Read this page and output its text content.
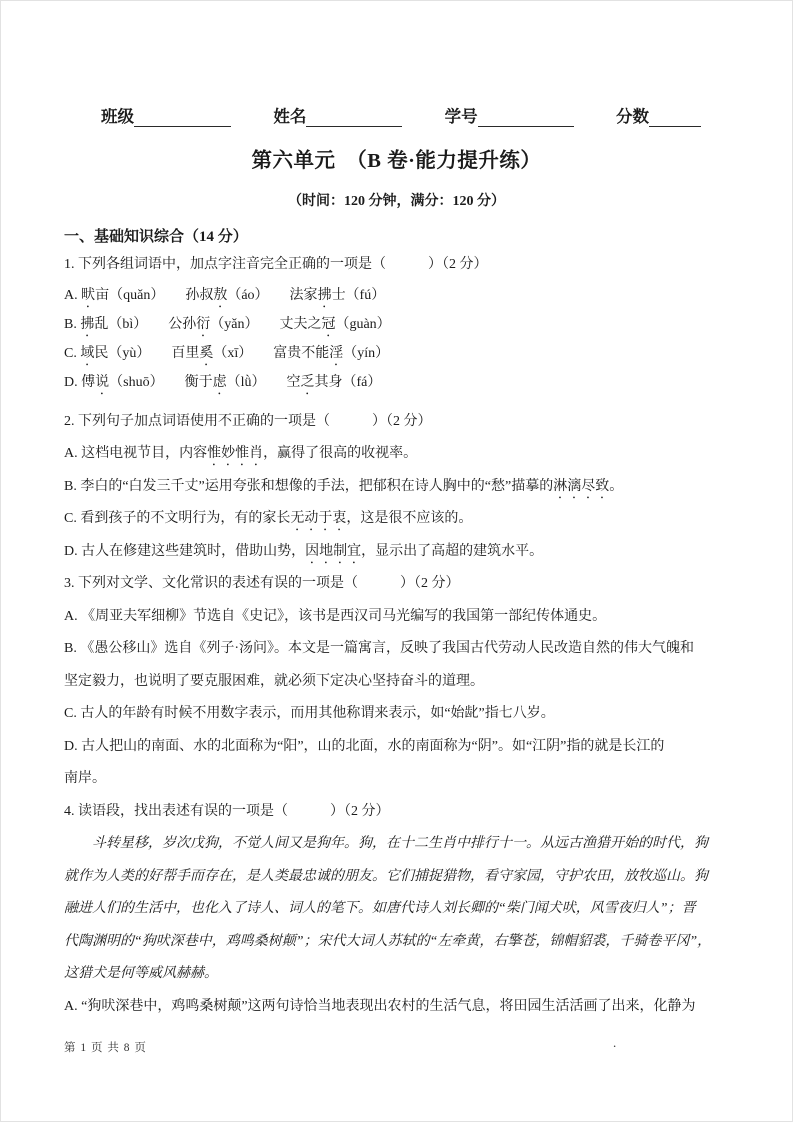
班级	姓名	学号	分数
第六单元　（B 卷·能力提升练）
（时间：120 分钟，满分：120 分）
一、基础知识综合（14 分）
1. 下列各组词语中，加点字注音完全正确的一项是（　　　）（2 分）
A. 畎亩（quǎn）　　孙叔敖（áo）　　法家拂士（fú）
B. 拂乱（bì）　　公孙衍（yǎn）　　丈夫之冠（guàn）
C. 域民（yù）　　百里奚（xī）　　富贵不能淫（yín）
D. 傅说（shuō）　　衡于虑（lǜ）　　空乏其身（fá）
2. 下列句子加点词语使用不正确的一项是（　　　）（2 分）
A. 这档电视节目，内容惟妙惟肖，赢得了很高的收视率。
B. 李白的“白发三千丈”运用夸张和想像的手法，把郁积在诗人胸中的“愁”描摹的淋漓尽致。
C. 看到孩子的不文明行为，有的家长无动于衷，这是很不应该的。
D. 古人在修建这些建筑时，借助山势，因地制宜，显示出了高超的建筑水平。
3. 下列对文学、文化常识的表述有误的一项是（　　　）（2 分）
A. 《周亚夫军细柳》节选自《史记》，该书是西汉司马光编写的我国第一部纪传体通史。
B. 《愚公移山》选自《列子·汤问》。本文是一篇寓言，反映了我国古代劳动人民改造自然的伟大气魄和
坚定毅力，也说明了要克服困难，就必须下定决心坚持奋斗的道理。
C. 古人的年龄有时候不用数字表示，而用其他称谓来表示，如“始龀”指七八岁。
D. 古人把山的南面、水的北面称为“阳”，山的北面，水的南面称为“阴”。如“江阴”指的就是长江的
南岸。
4. 读语段，找出表述有误的一项是（　　　）（2 分）
　　斗转星移，岁次戊狗，不觉人间又是狗年。狗，在十二生肖中排行十一。从远古渔猎开始的时代，狗
就作为人类的好帮手而存在，是人类最忠诚的朋友。它们捕捉猎物，看守家园，守护农田，放牧巡山。狗
融进人们的生活中，也化入了诗人、词人的笔下。如唐代诗人刘长卿的“柴门闻犬吠，风雪夜归人”；晋
代陶渊明的“狗吠深巷中，鸡鸣桑树颠”；宋代大词人苏轼的“左牵黄，右擎苍，锦帽貂裘，千骑卷平冈”，
这猎犬是何等威风赫赫。
A. “狗吠深巷中，鸡鸣桑树颠”这两句诗恰当地表现出农村的生活气息，将田园生活活画了出来，化静为
第 1 页 共 8 页	.
